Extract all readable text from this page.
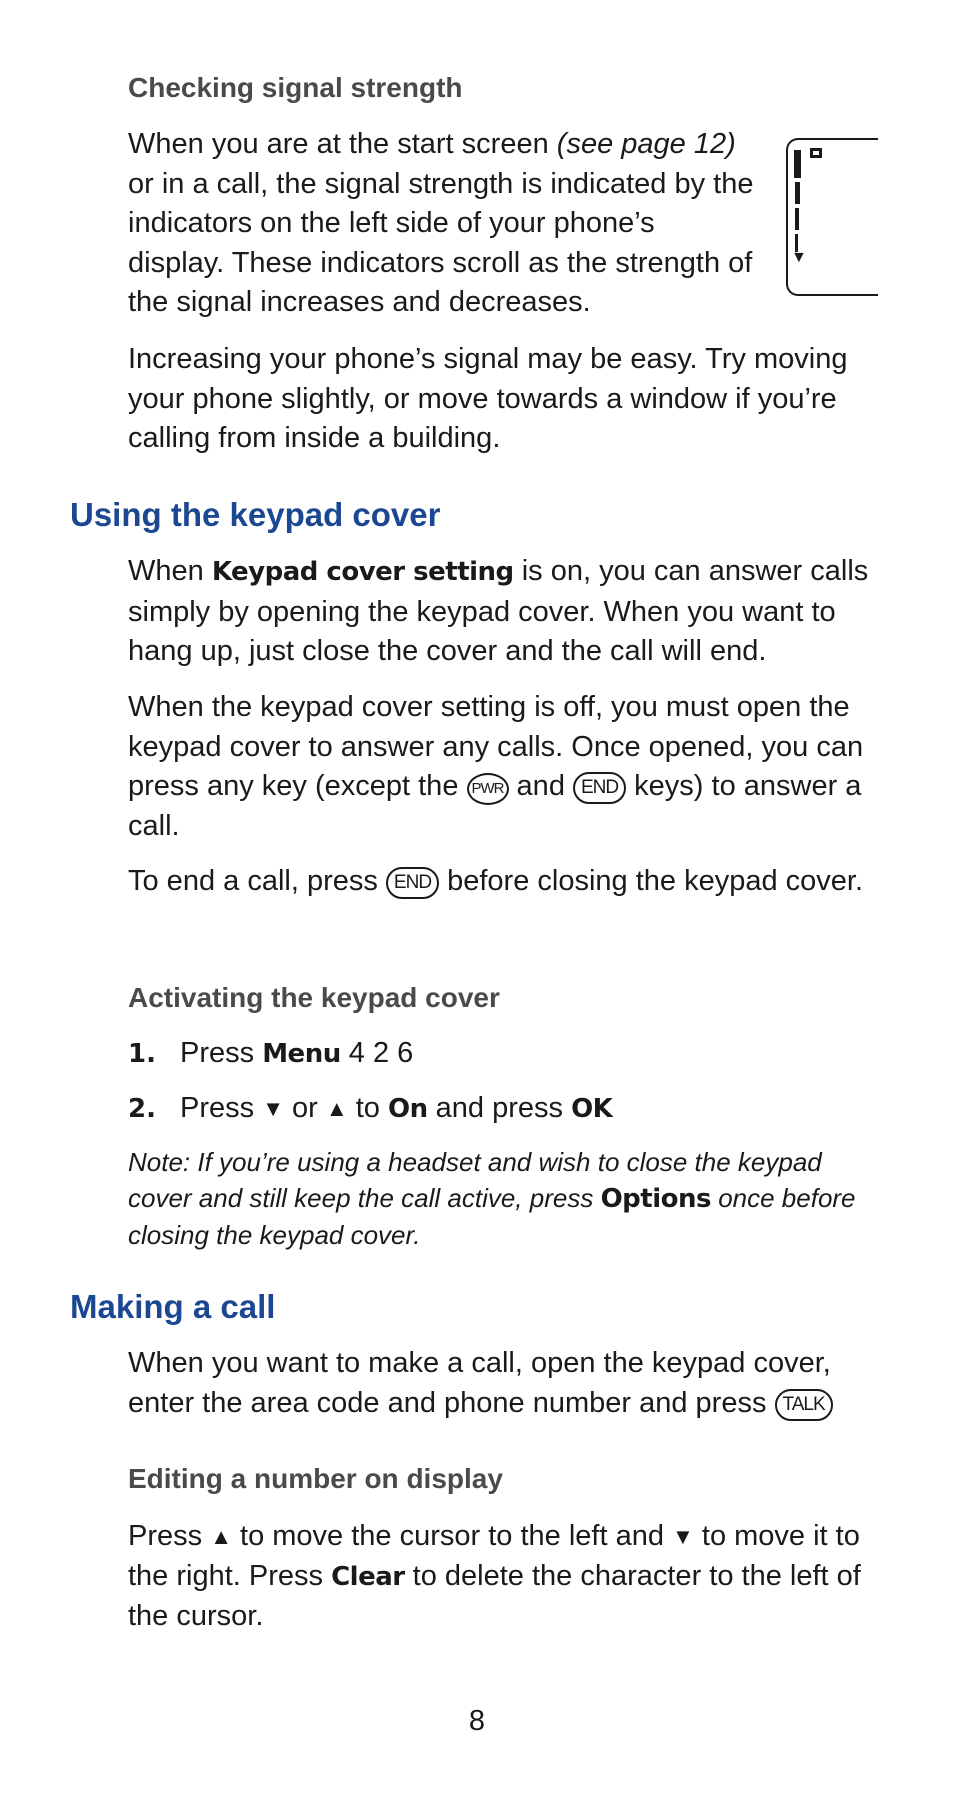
Checking signal strength

When you are at the start screen (see page 12) or in a call, the signal strength is indicated by the indicators on the left side of your phone’s display. These indicators scroll as the strength of the signal increases and decreases.

▼

Increasing your phone’s signal may be easy. Try moving your phone slightly, or move towards a window if you’re calling from inside a building.

Using the keypad cover

When Keypad cover setting is on, you can answer calls simply by opening the keypad cover. When you want to hang up, just close the cover and the call will end.

When the keypad cover setting is off, you must open the keypad cover to answer any calls. Once opened, you can press any key (except the PWR and END keys) to answer a call.

To end a call, press END before closing the keypad cover.

Activating the keypad cover
1. Press Menu 4 2 6
2. Press ▼ or ▲ to On and press OK

Note: If you’re using a headset and wish to close the keypad cover and still keep the call active, press Options once before closing the keypad cover.

Making a call

When you want to make a call, open the keypad cover, enter the area code and phone number and press TALK

Editing a number on display

Press ▲ to move the cursor to the left and ▼ to move it to the right. Press Clear to delete the character to the left of the cursor.

8
